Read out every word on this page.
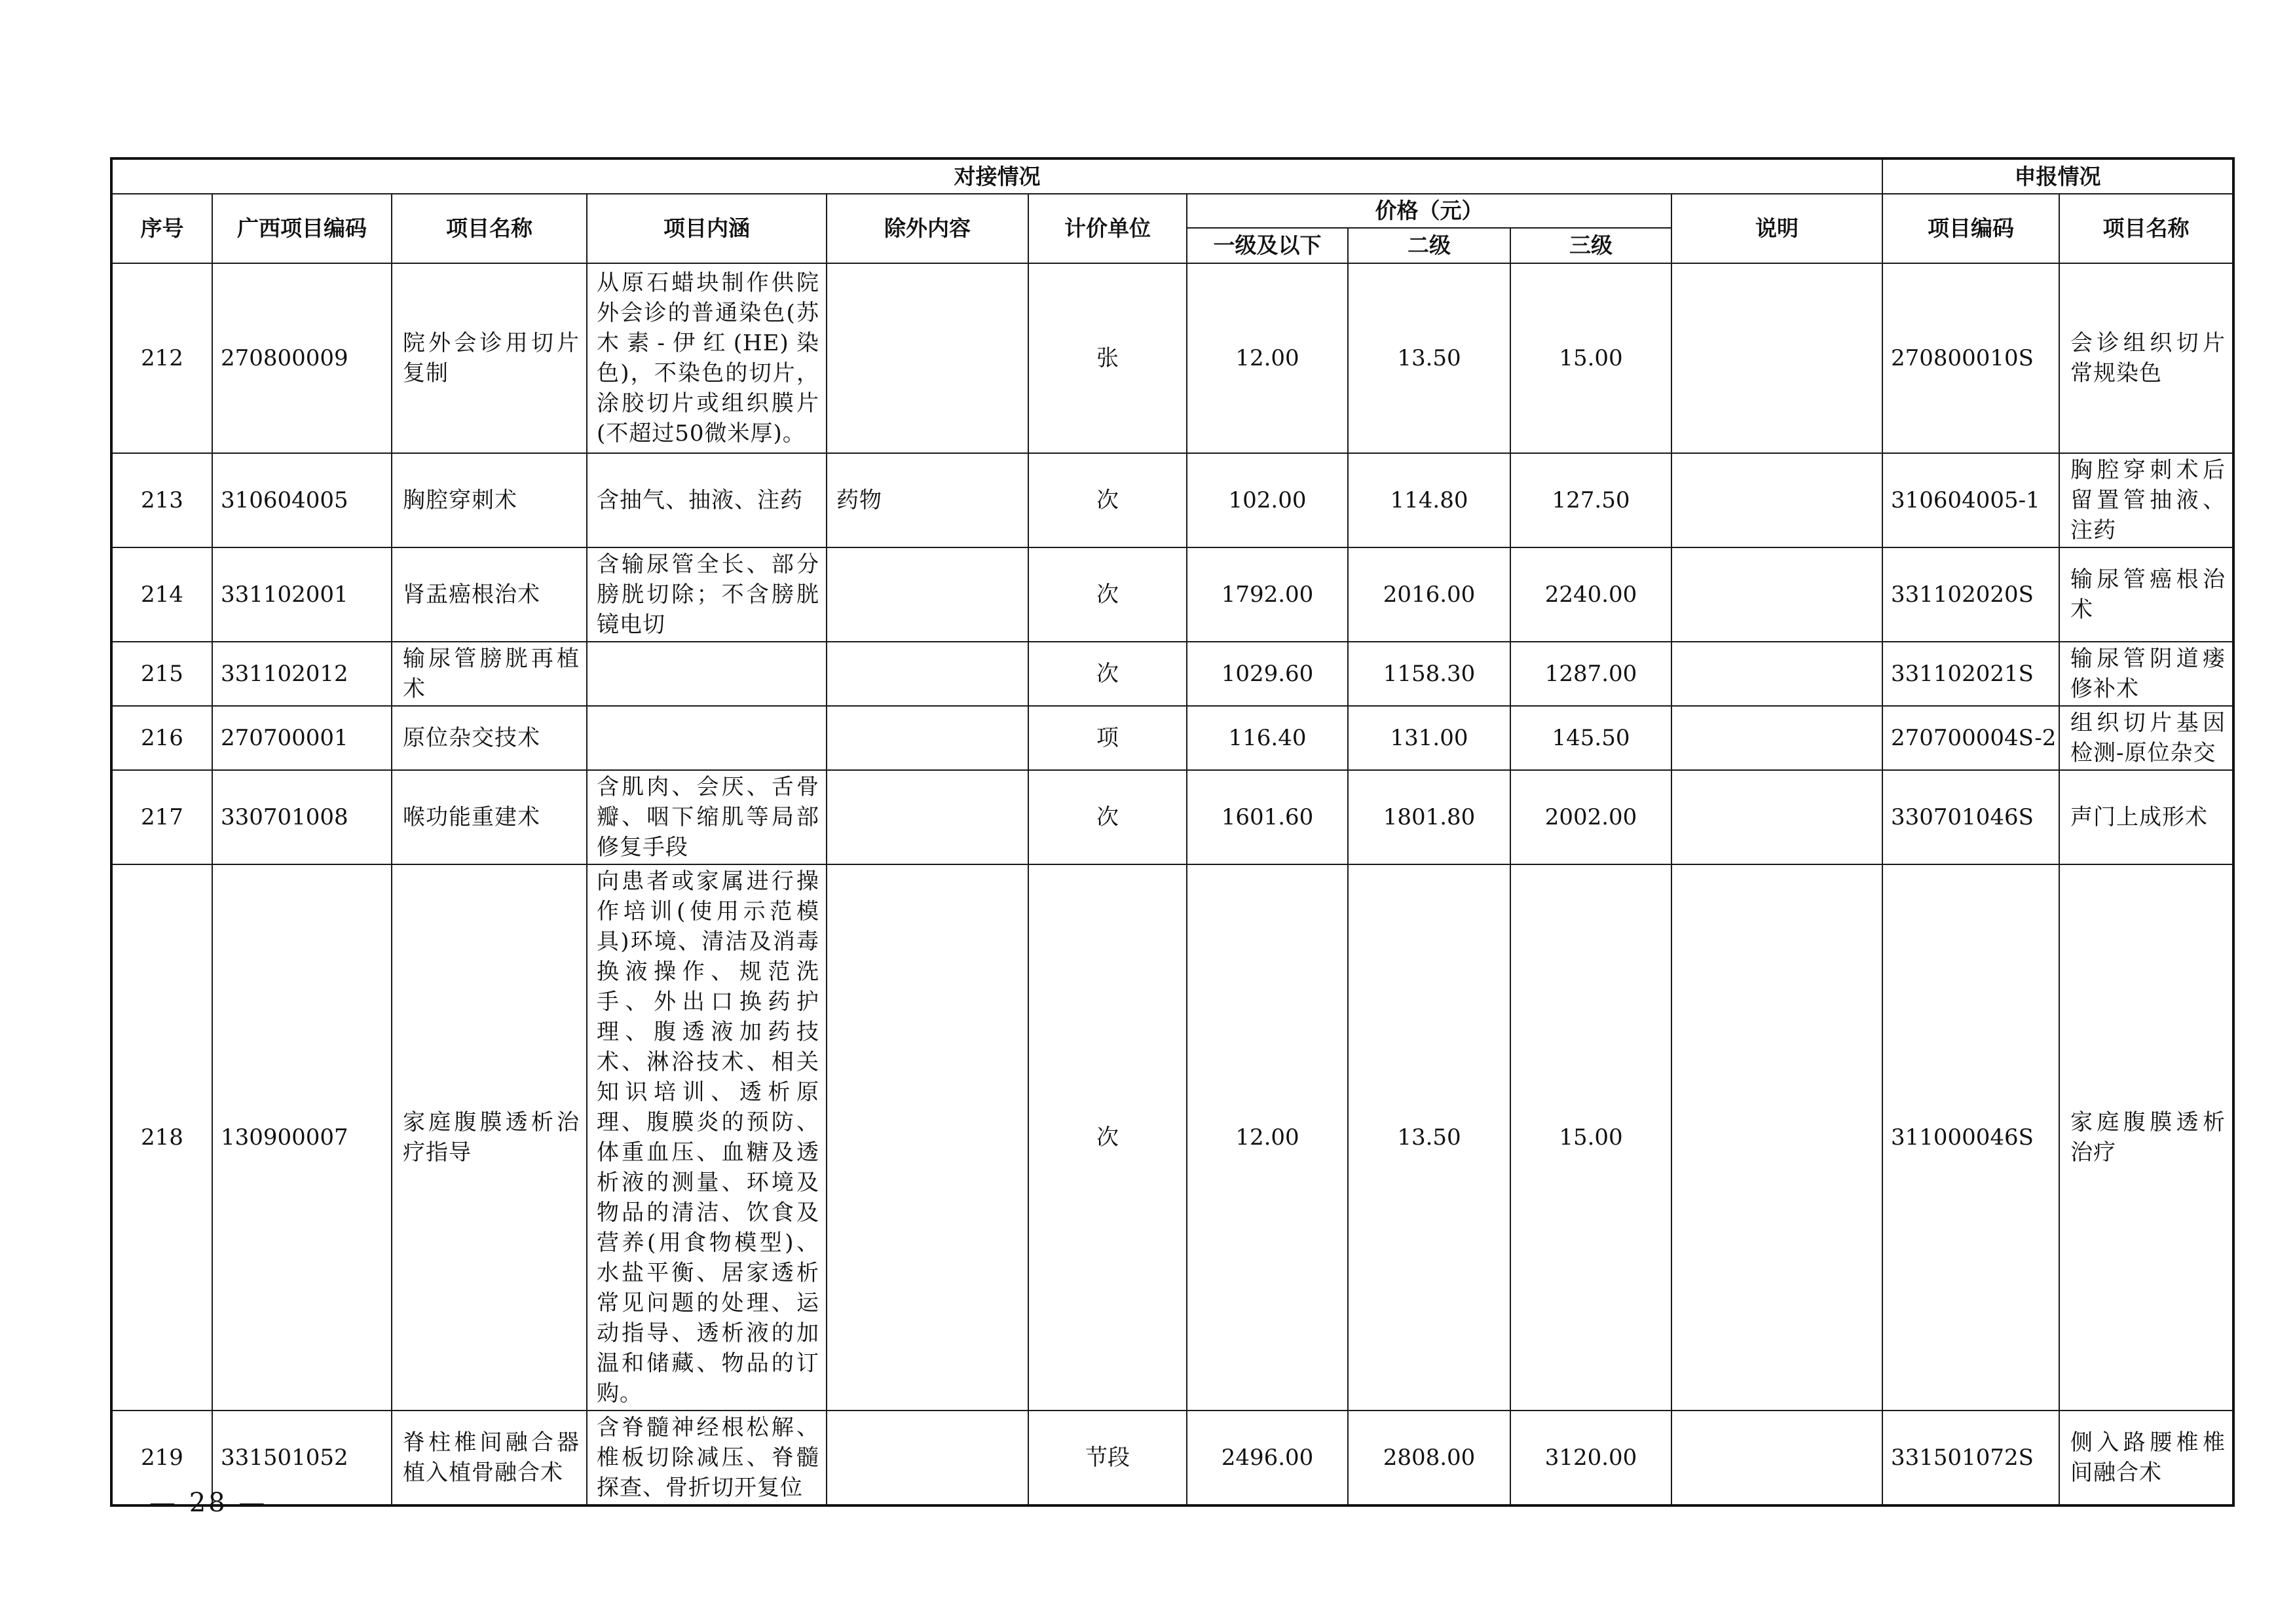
对接情况										申报情况	
序号	广西项目编码	项目名称	项目内涵	除外内容	计价单位	价格（元）			说明	项目编码	项目名称
						一级及以下	二级	三级			
212	270800009	院外会诊用切片复制	从原石蜡块制作供院外会诊的普通染色(苏木素-伊红(HE)染色)，不染色的切片，涂胶切片或组织膜片(不超过50微米厚)。		张	12.00	13.50	15.00		270800010S	会诊组织切片常规染色
213	310604005	胸腔穿刺术	含抽气、抽液、注药	药物	次	102.00	114.80	127.50		310604005-1	胸腔穿刺术后留置管抽液、注药
214	331102001	肾盂癌根治术	含输尿管全长、部分膀胱切除；不含膀胱镜电切		次	1792.00	2016.00	2240.00		331102020S	输尿管癌根治术
215	331102012	输尿管膀胱再植术			次	1029.60	1158.30	1287.00		331102021S	输尿管阴道瘘修补术
216	270700001	原位杂交技术			项	116.40	131.00	145.50		270700004S-2	组织切片基因检测-原位杂交
217	330701008	喉功能重建术	含肌肉、会厌、舌骨瓣、咽下缩肌等局部修复手段		次	1601.60	1801.80	2002.00		330701046S	声门上成形术
218	130900007	家庭腹膜透析治疗指导	向患者或家属进行操作培训(使用示范模具)环境、清洁及消毒换液操作、规范洗手、外出口换药护理、腹透液加药技术、淋浴技术、相关知识培训、透析原理、腹膜炎的预防、体重血压、血糖及透析液的测量、环境及物品的清洁、饮食及营养(用食物模型)、水盐平衡、居家透析常见问题的处理、运动指导、透析液的加温和储藏、物品的订购。		次	12.00	13.50	15.00		311000046S	家庭腹膜透析治疗
219	331501052	脊柱椎间融合器植入植骨融合术	含脊髓神经根松解、椎板切除减压、脊髓探查、骨折切开复位		节段	2496.00	2808.00	3120.00		331501072S	侧入路腰椎椎间融合术
— 28 —
